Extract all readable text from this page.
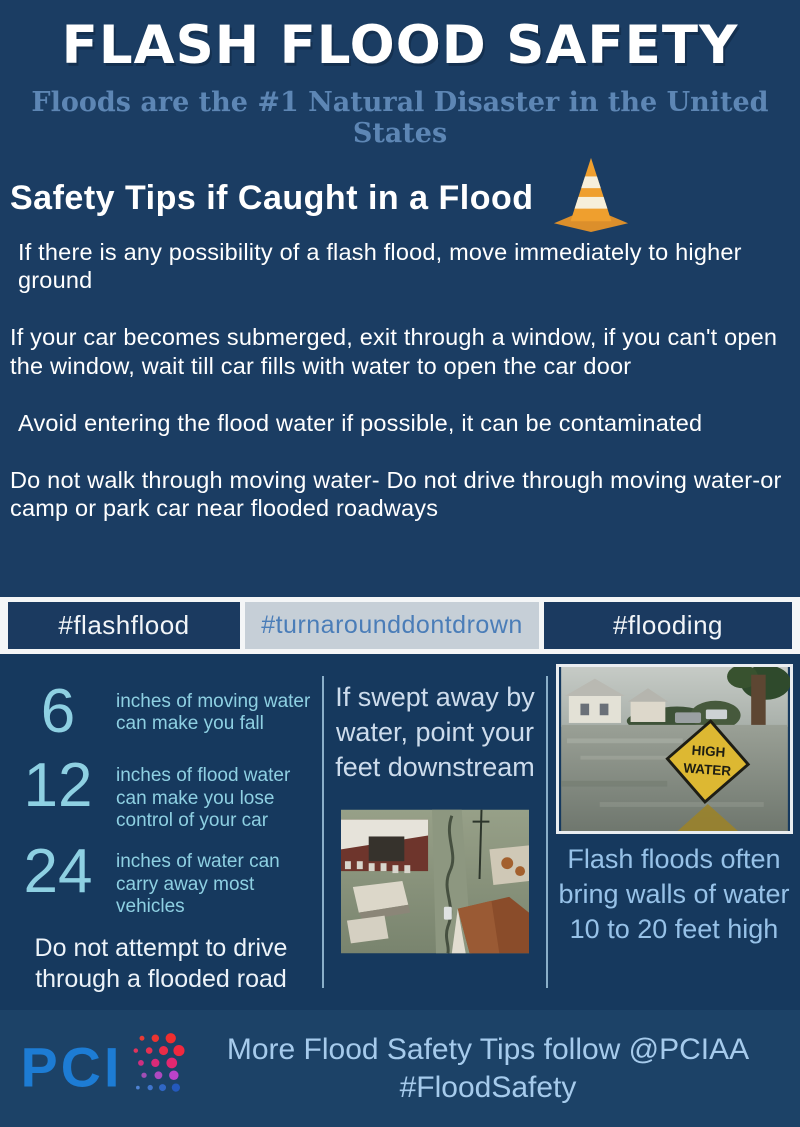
FLASH FLOOD SAFETY
Floods are the #1 Natural Disaster in the United States
Safety Tips if Caught in a Flood

If there is any possibility of a flash flood, move immediately to higher ground

If your car becomes submerged, exit through a window, if you can't open the window, wait till car fills with water to open the car door

Avoid entering the flood water if possible, it can be contaminated

Do not walk through moving water- Do not drive through moving water-or camp or park car near flooded roadways

#flashflood	#turnarounddontdrown	#flooding
6	inches of moving water can make you fall
12	inches of flood water can make you lose control of your car
24	inches of water can carry away most vehicles
Do not attempt to drive through a flooded road
If swept away by water, point your feet downstream
HIGH
WATER
Flash floods often bring walls of water 10 to 20 feet high
PCI	More Flood Safety Tips follow @PCIAA
#FloodSafety
